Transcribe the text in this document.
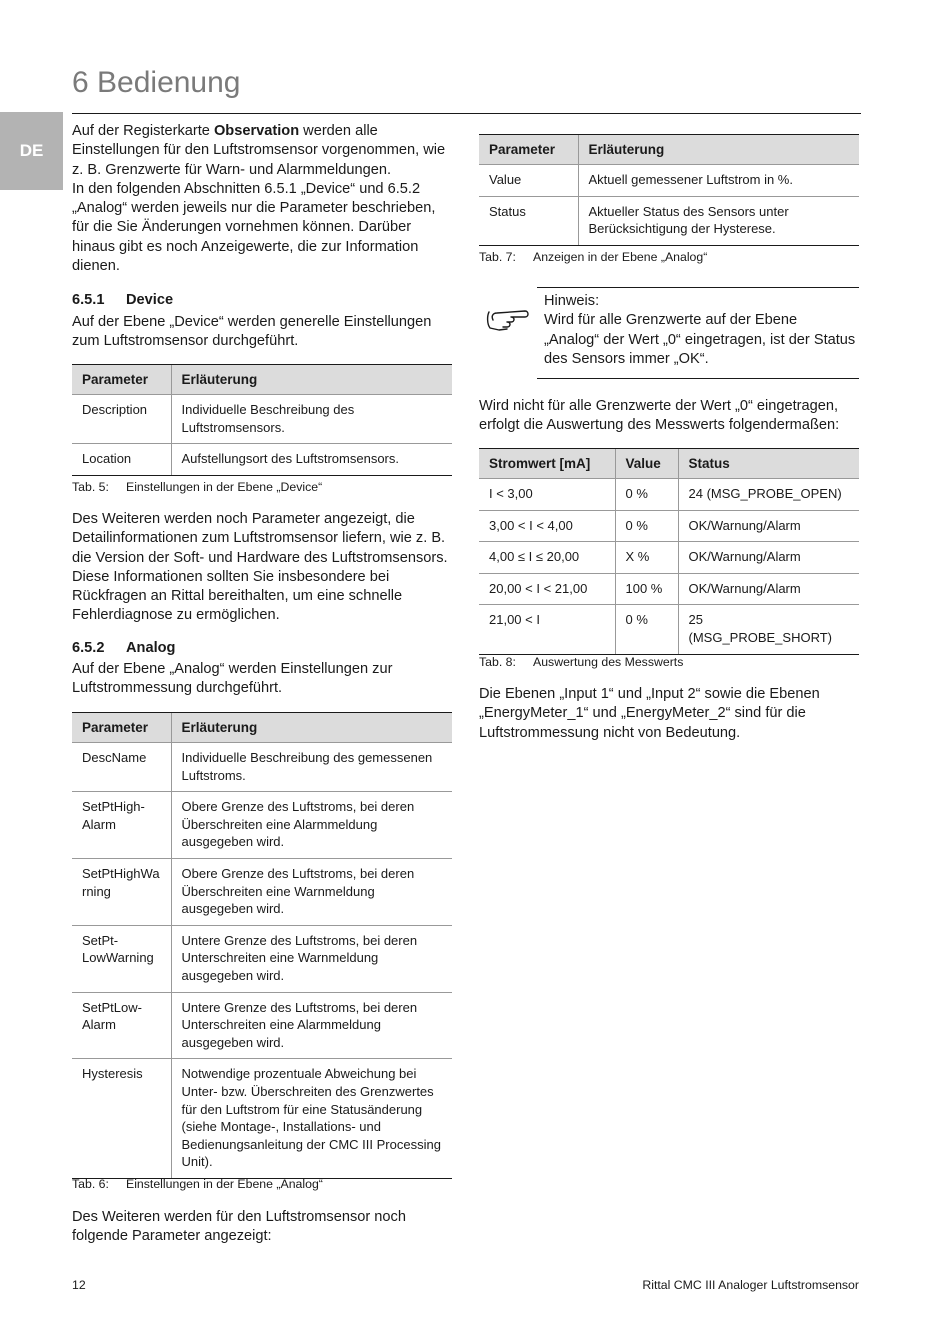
6 Bedienung
DE
Auf der Registerkarte Observation werden alle Einstellungen für den Luftstromsensor vorgenommen, wie z. B. Grenzwerte für Warn- und Alarmmeldungen.
In den folgenden Abschnitten 6.5.1 „Device“ und 6.5.2 „Analog“ werden jeweils nur die Parameter beschrieben, für die Sie Änderungen vornehmen können. Darüber hinaus gibt es noch Anzeigewerte, die zur Information dienen.
6.5.1 Device
Auf der Ebene „Device“ werden generelle Einstellungen zum Luftstromsensor durchgeführt.
Parameter	Erläuterung
Description	Individuelle Beschreibung des Luftstromsensors.
Location	Aufstellungsort des Luftstromsensors.
Tab. 5: Einstellungen in der Ebene „Device“
Des Weiteren werden noch Parameter angezeigt, die Detailinformationen zum Luftstromsensor liefern, wie z. B. die Version der Soft- und Hardware des Luftstromsensors. Diese Informationen sollten Sie insbesondere bei Rückfragen an Rittal bereithalten, um eine schnelle Fehlerdiagnose zu ermöglichen.
6.5.2 Analog
Auf der Ebene „Analog“ werden Einstellungen zur Luftstrommessung durchgeführt.
Parameter	Erläuterung
DescName	Individuelle Beschreibung des gemessenen Luftstroms.
SetPtHigh-Alarm	Obere Grenze des Luftstroms, bei deren Überschreiten eine Alarmmeldung ausgegeben wird.
SetPtHighWarning	Obere Grenze des Luftstroms, bei deren Überschreiten eine Warnmeldung ausgegeben wird.
SetPt-LowWarning	Untere Grenze des Luftstroms, bei deren Unterschreiten eine Warnmeldung ausgegeben wird.
SetPtLow-Alarm	Untere Grenze des Luftstroms, bei deren Unterschreiten eine Alarmmeldung ausgegeben wird.
Hysteresis	Notwendige prozentuale Abweichung bei Unter- bzw. Überschreiten des Grenzwertes für den Luftstrom für eine Statusänderung (siehe Montage-, Installations- und Bedienungsanleitung der CMC III Processing Unit).
Tab. 6: Einstellungen in der Ebene „Analog“
Des Weiteren werden für den Luftstromsensor noch folgende Parameter angezeigt:
Parameter	Erläuterung
Value	Aktuell gemessener Luftstrom in %.
Status	Aktueller Status des Sensors unter Berücksichtigung der Hysterese.
Tab. 7: Anzeigen in der Ebene „Analog“
Hinweis:
Wird für alle Grenzwerte auf der Ebene „Analog“ der Wert „0“ eingetragen, ist der Status des Sensors immer „OK“.
Wird nicht für alle Grenzwerte der Wert „0“ eingetragen, erfolgt die Auswertung des Messwerts folgendermaßen:
Stromwert [mA]	Value	Status
I < 3,00	0 %	24 (MSG_PROBE_OPEN)
3,00 < I < 4,00	0 %	OK/Warnung/Alarm
4,00 ≤ I ≤ 20,00	X %	OK/Warnung/Alarm
20,00 < I < 21,00	100 %	OK/Warnung/Alarm
21,00 < I	0 %	25 (MSG_PROBE_SHORT)
Tab. 8: Auswertung des Messwerts
Die Ebenen „Input 1“ und „Input 2“ sowie die Ebenen „EnergyMeter_1“ und „EnergyMeter_2“ sind für die Luftstrommessung nicht von Bedeutung.
12	Rittal CMC III Analoger Luftstromsensor
